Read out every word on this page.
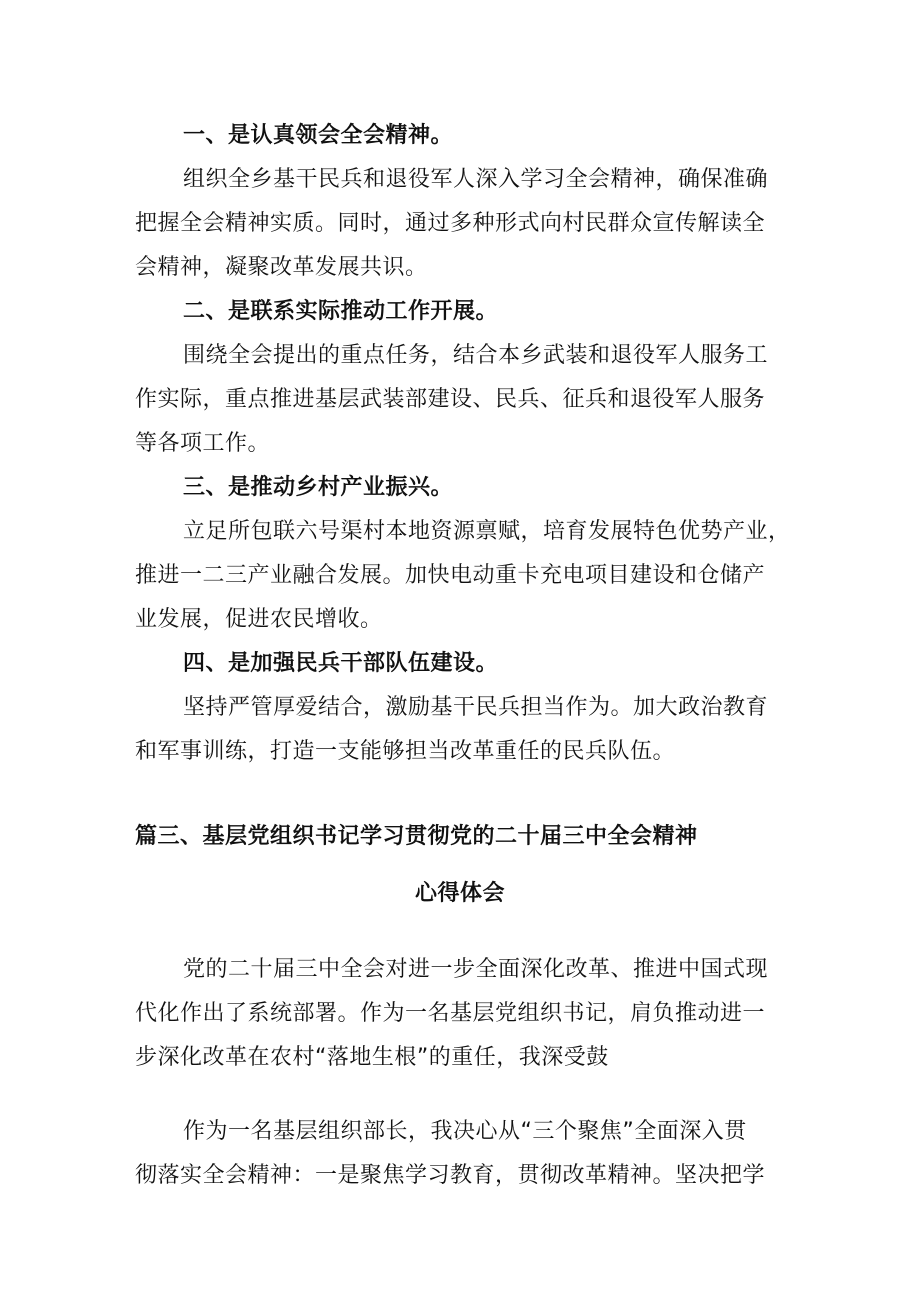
一、是认真领会全会精神。
组织全乡基干民兵和退役军人深入学习全会精神，确保准确
把握全会精神实质。同时，通过多种形式向村民群众宣传解读全
会精神，凝聚改革发展共识。
二、是联系实际推动工作开展。
围绕全会提出的重点任务，结合本乡武装和退役军人服务工
作实际，重点推进基层武装部建设、民兵、征兵和退役军人服务
等各项工作。
三、是推动乡村产业振兴。
立足所包联六号渠村本地资源禀赋，培育发展特色优势产业，
推进一二三产业融合发展。加快电动重卡充电项目建设和仓储产
业发展，促进农民增收。
四、是加强民兵干部队伍建设。
坚持严管厚爱结合，激励基干民兵担当作为。加大政治教育
和军事训练，打造一支能够担当改革重任的民兵队伍。
篇三、基层党组织书记学习贯彻党的二十届三中全会精神
心得体会
党的二十届三中全会对进一步全面深化改革、推进中国式现
代化作出了系统部署。作为一名基层党组织书记，肩负推动进一
步深化改革在农村“落地生根”的重任，我深受鼓
作为一名基层组织部长，我决心从“三个聚焦”全面深入贯
彻落实全会精神：一是聚焦学习教育，贯彻改革精神。坚决把学
